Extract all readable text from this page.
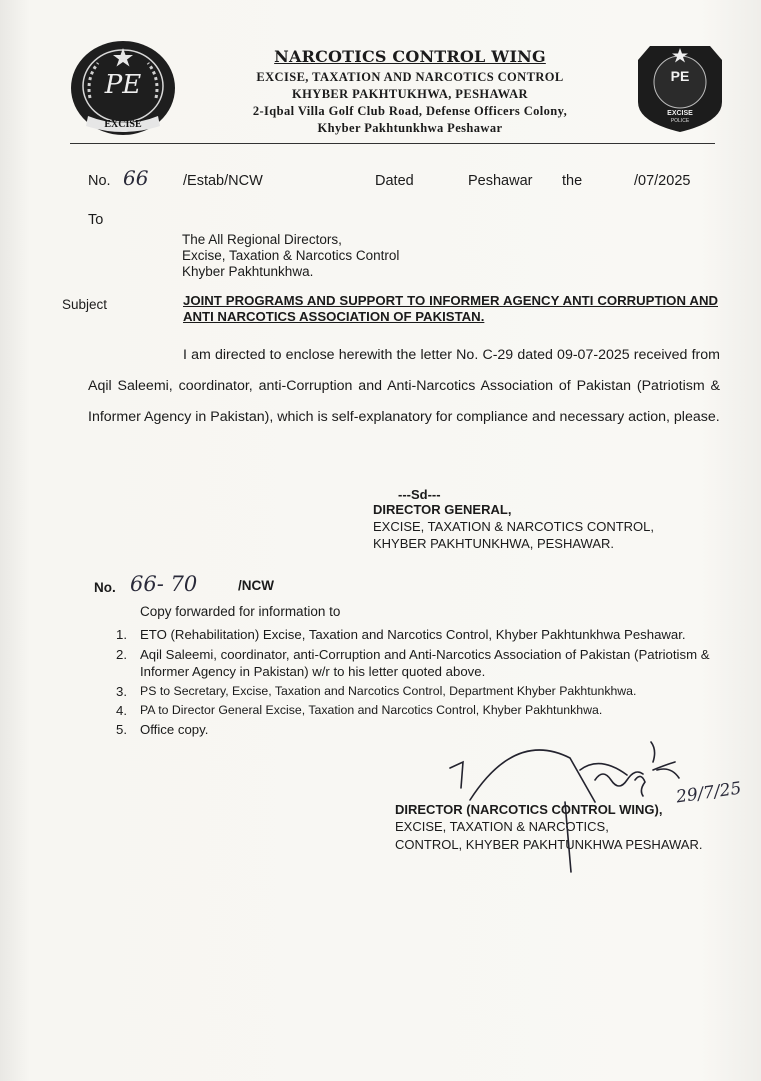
PE
EXCISE
NARCOTICS CONTROL WING
EXCISE, TAXATION AND NARCOTICS CONTROL
KHYBER PAKHTUKHWA, PESHAWAR
2-Iqbal Villa Golf Club Road, Defense Officers Colony,
Khyber Pakhtunkhwa Peshawar
PE
EXCISE
POLICE
No. 66 /Estab/NCW	Dated	Peshawar the	/07/2025
To
The All Regional Directors,
Excise, Taxation & Narcotics Control
Khyber Pakhtunkhwa.
Subject	JOINT PROGRAMS AND SUPPORT TO INFORMER AGENCY ANTI CORRUPTION AND ANTI NARCOTICS ASSOCIATION OF PAKISTAN.
I am directed to enclose herewith the letter No. C-29 dated 09-07-2025 received from Aqil Saleemi, coordinator, anti-Corruption and Anti-Narcotics Association of Pakistan (Patriotism & Informer Agency in Pakistan), which is self-explanatory for compliance and necessary action, please.
---Sd---
DIRECTOR GENERAL,
EXCISE, TAXATION & NARCOTICS CONTROL,
KHYBER PAKHTUNKHWA, PESHAWAR.
No. 66- 70	/NCW
Copy forwarded for information to
1. ETO (Rehabilitation) Excise, Taxation and Narcotics Control, Khyber Pakhtunkhwa Peshawar.
2. Aqil Saleemi, coordinator, anti-Corruption and Anti-Narcotics Association of Pakistan (Patriotism & Informer Agency in Pakistan) w/r to his letter quoted above.
3. PS to Secretary, Excise, Taxation and Narcotics Control, Department Khyber Pakhtunkhwa.
4. PA to Director General Excise, Taxation and Narcotics Control, Khyber Pakhtunkhwa.
5. Office copy.
DIRECTOR (NARCOTICS CONTROL WING),
EXCISE, TAXATION & NARCOTICS,
CONTROL, KHYBER PAKHTUNKHWA PESHAWAR.
29/7/25
